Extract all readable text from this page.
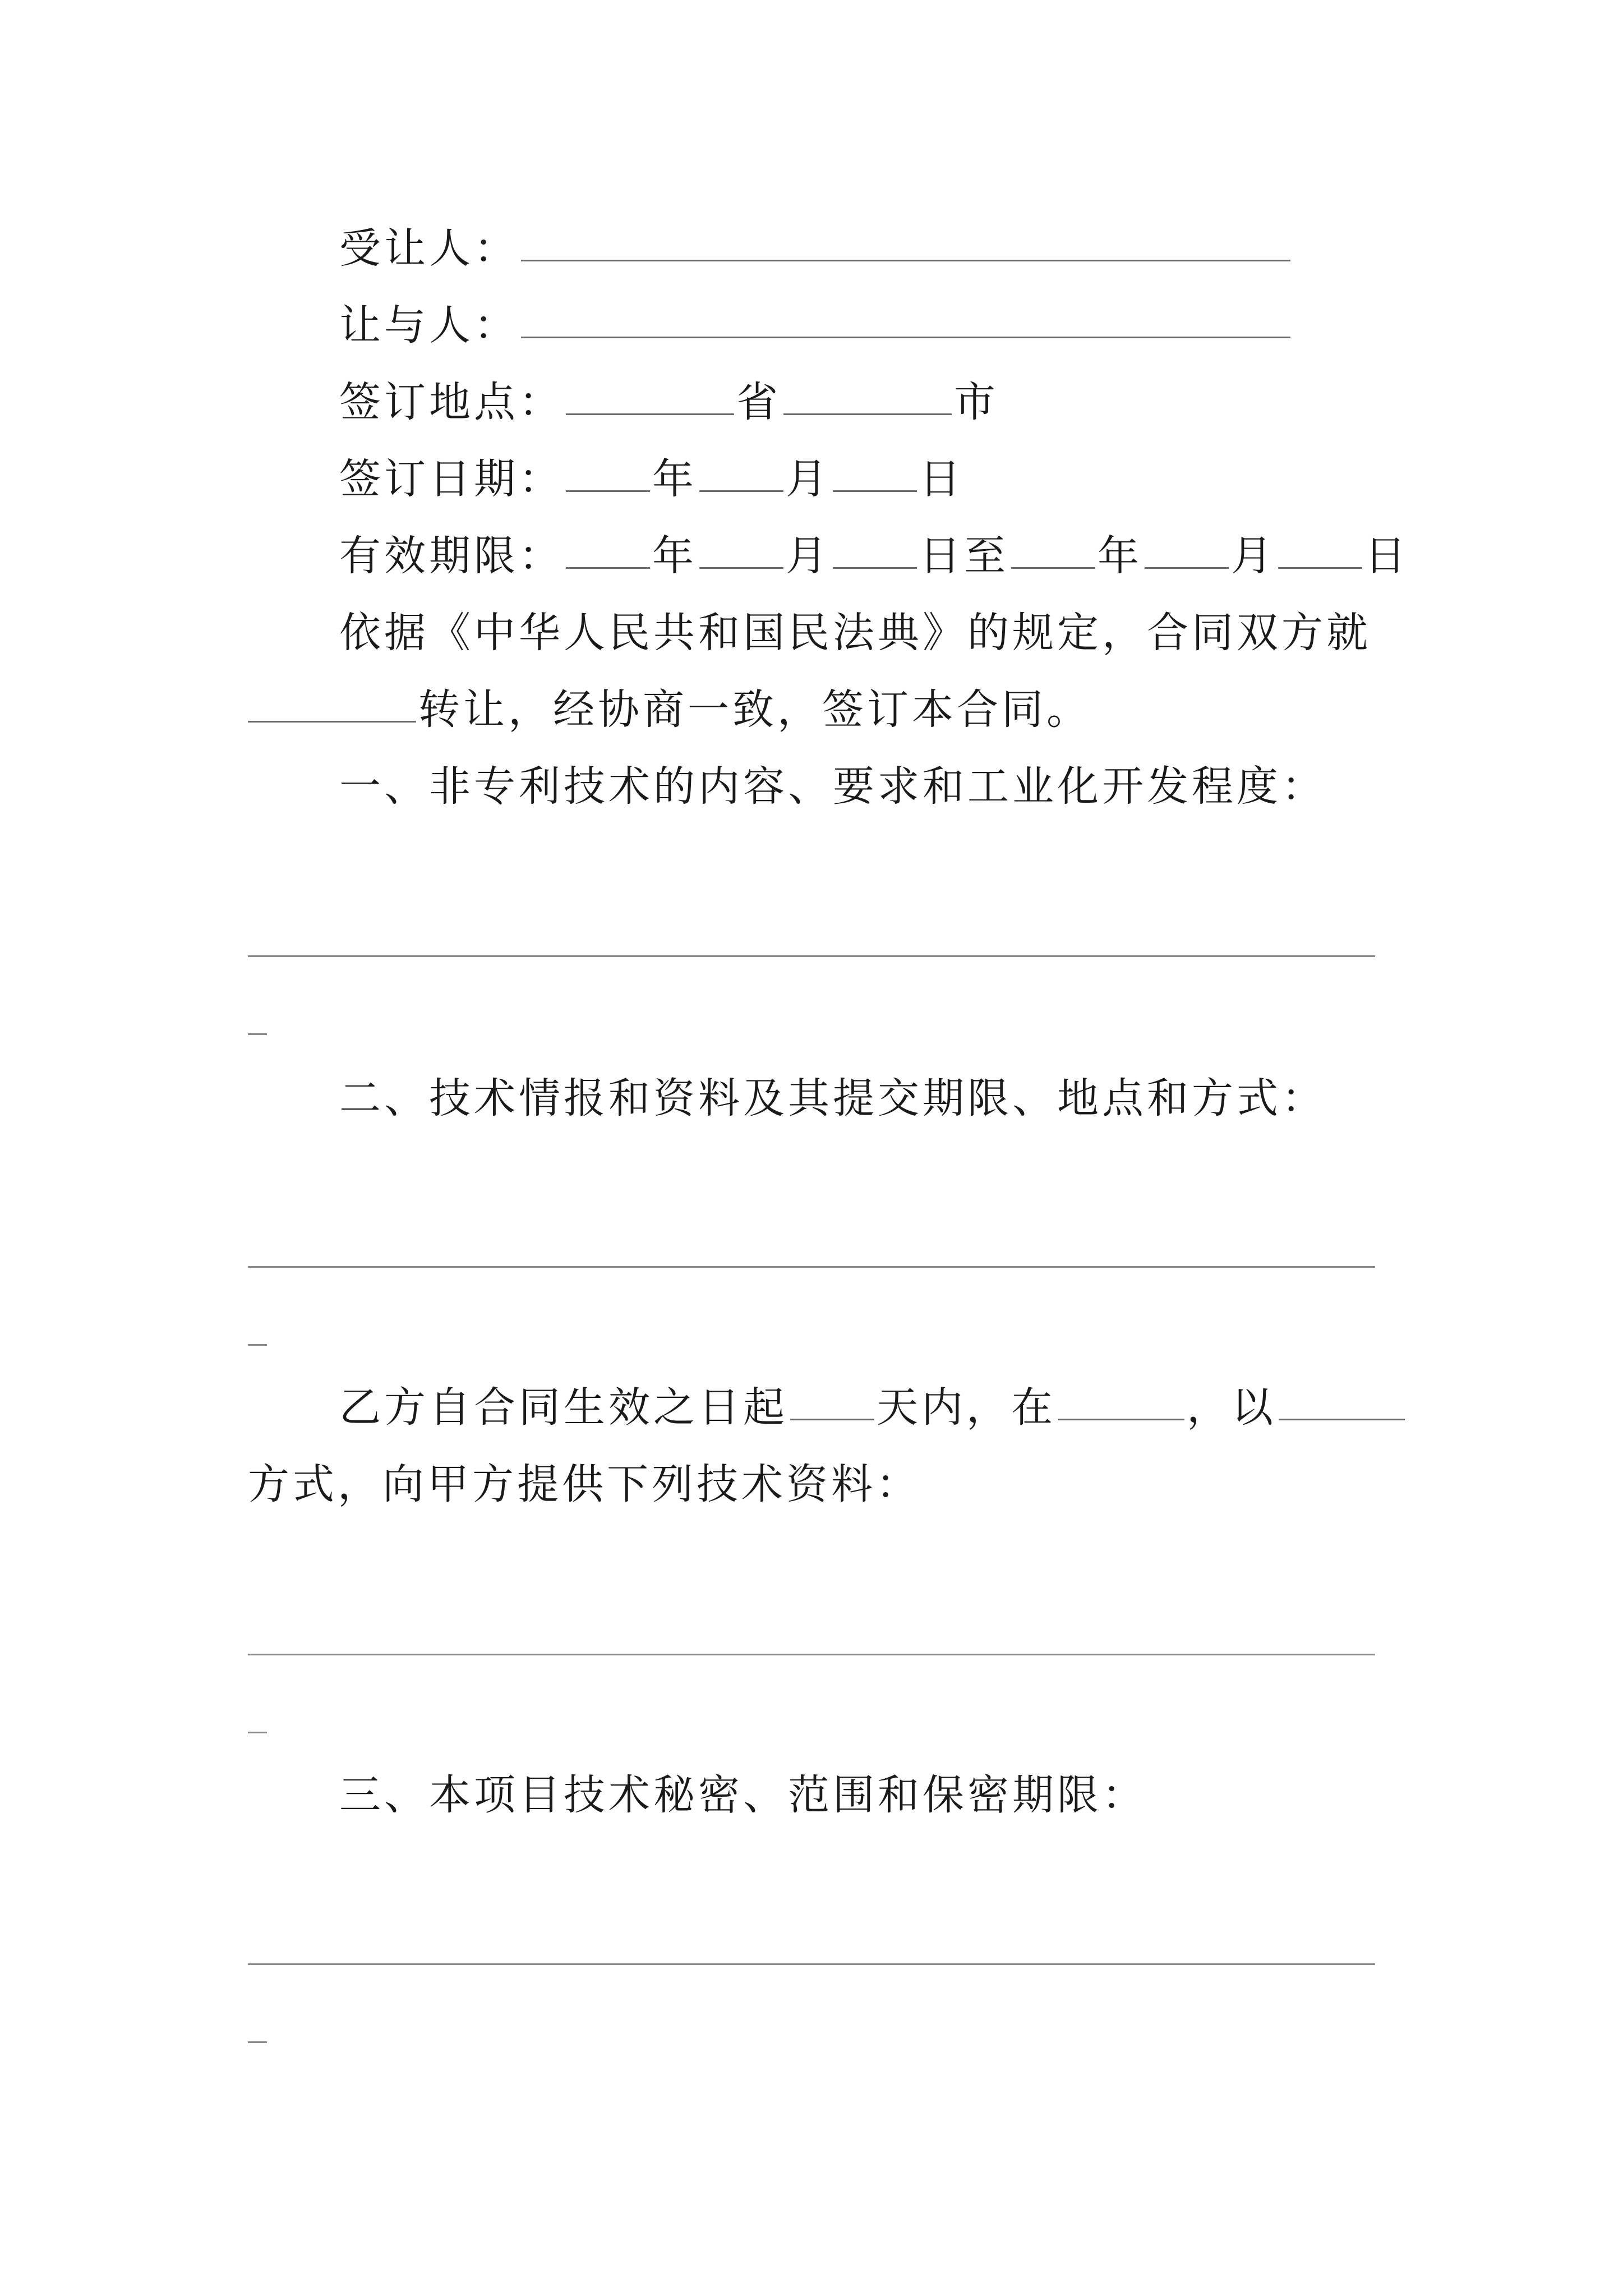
受让人：
让与人：
签订地点：	省	市
签订日期： 年 月 日
有效期限： 年 月 日 至 年 月 日
依据《中华人民共和国民法典》的规定，合同双方就
转让，经协商一致，签订本合同。
一、非专利技术的内容、要求和工业化开发程度：
二、技术情报和资料及其提交期限、地点和方式：
乙方自合同生效之日起 天内，在	，以
方式，向甲方提供下列技术资料：
三、本项目技术秘密、范围和保密期限：
